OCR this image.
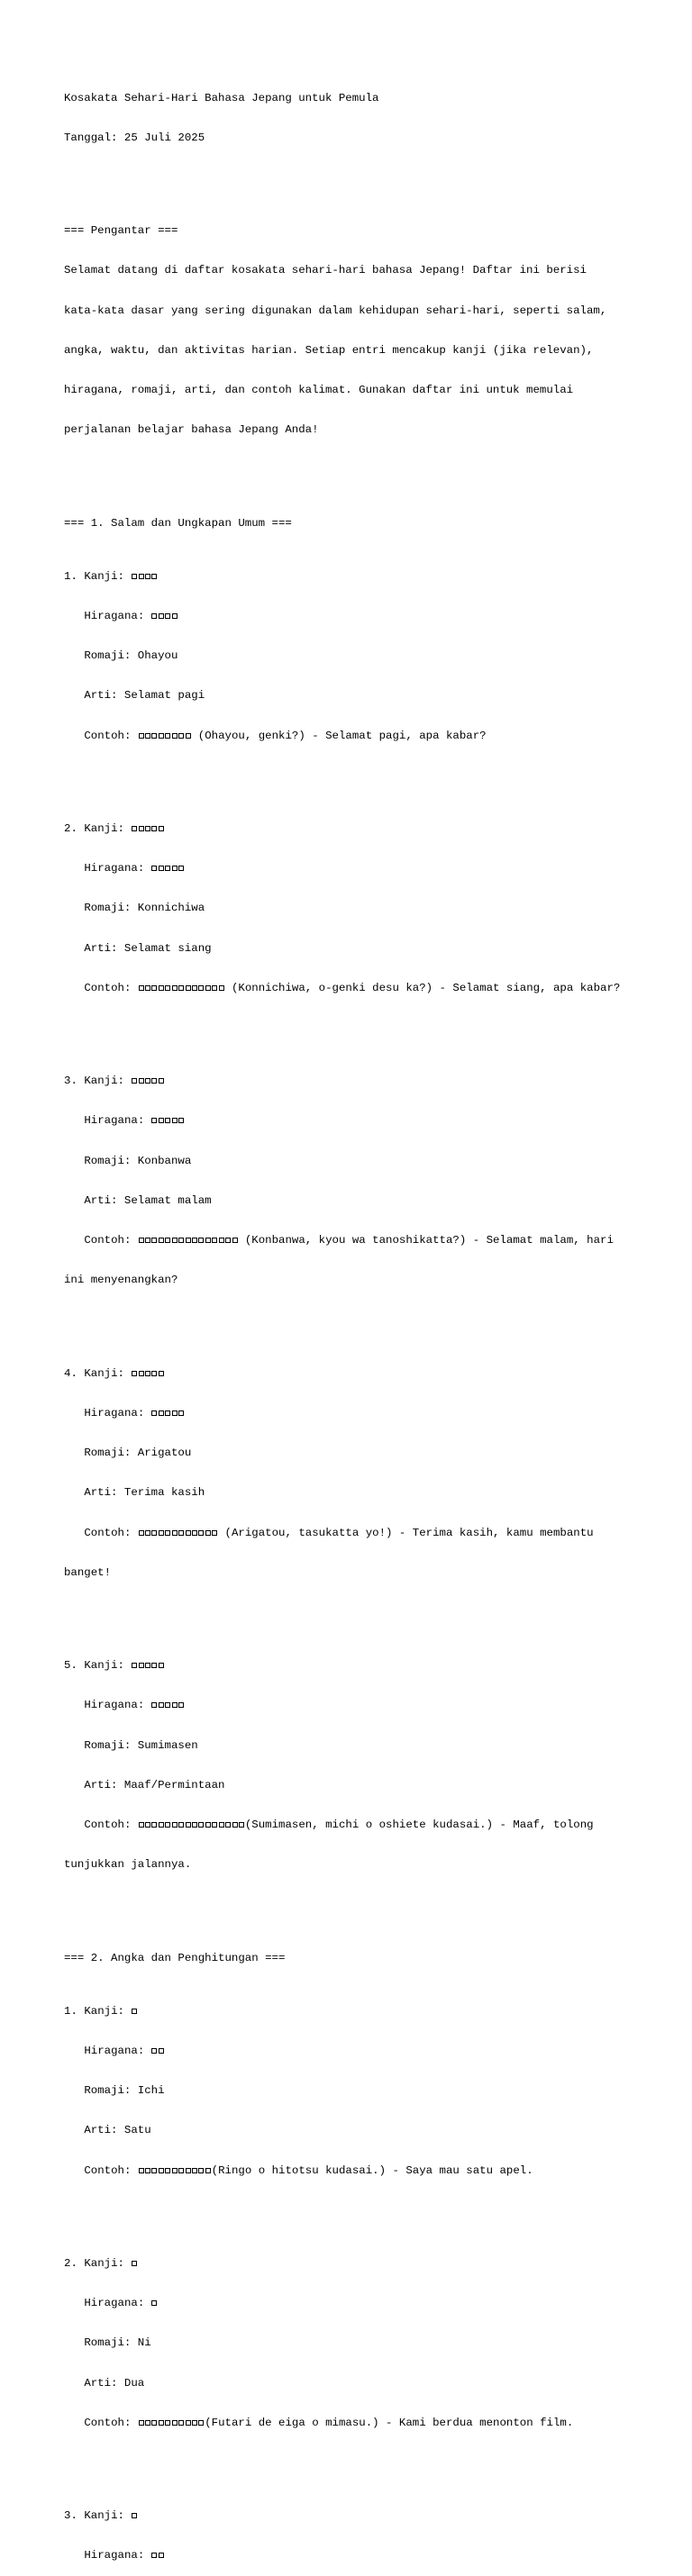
Kosakata Sehari-Hari Bahasa Jepang untuk Pemula

Tanggal: 25 Juli 2025

=== Pengantar ===

Selamat datang di daftar kosakata sehari-hari bahasa Jepang! Daftar ini berisi

kata-kata dasar yang sering digunakan dalam kehidupan sehari-hari, seperti salam,

angka, waktu, dan aktivitas harian. Setiap entri mencakup kanji (jika relevan),

hiragana, romaji, arti, dan contoh kalimat. Gunakan daftar ini untuk memulai

perjalanan belajar bahasa Jepang Anda!

=== 1. Salam dan Ungkapan Umum ===

1. Kanji:

Hiragana:

Romaji: Ohayou

Arti: Selamat pagi

Contoh:	(Ohayou, genki?) - Selamat pagi, apa kabar?

2. Kanji:

Hiragana:

Romaji: Konnichiwa

Arti: Selamat siang

Contoh:	(Konnichiwa, o-genki desu ka?) - Selamat siang, apa kabar?

3. Kanji:

Hiragana:

Romaji: Konbanwa

Arti: Selamat malam

Contoh:	(Konbanwa, kyou wa tanoshikatta?) - Selamat malam, hari

ini menyenangkan?

4. Kanji:

Hiragana:

Romaji: Arigatou

Arti: Terima kasih

Contoh:	(Arigatou, tasukatta yo!) - Terima kasih, kamu membantu

banget!

5. Kanji:

Hiragana:

Romaji: Sumimasen

Arti: Maaf/Permintaan

Contoh:	(Sumimasen, michi o oshiete kudasai.) - Maaf, tolong

tunjukkan jalannya.

=== 2. Angka dan Penghitungan ===

1. Kanji:

Hiragana:

Romaji: Ichi

Arti: Satu

Contoh:	(Ringo o hitotsu kudasai.) - Saya mau satu apel.

2. Kanji:

Hiragana:

Romaji: Ni

Arti: Dua

Contoh:	(Futari de eiga o mimasu.) - Kami berdua menonton film.

3. Kanji:

Hiragana:
